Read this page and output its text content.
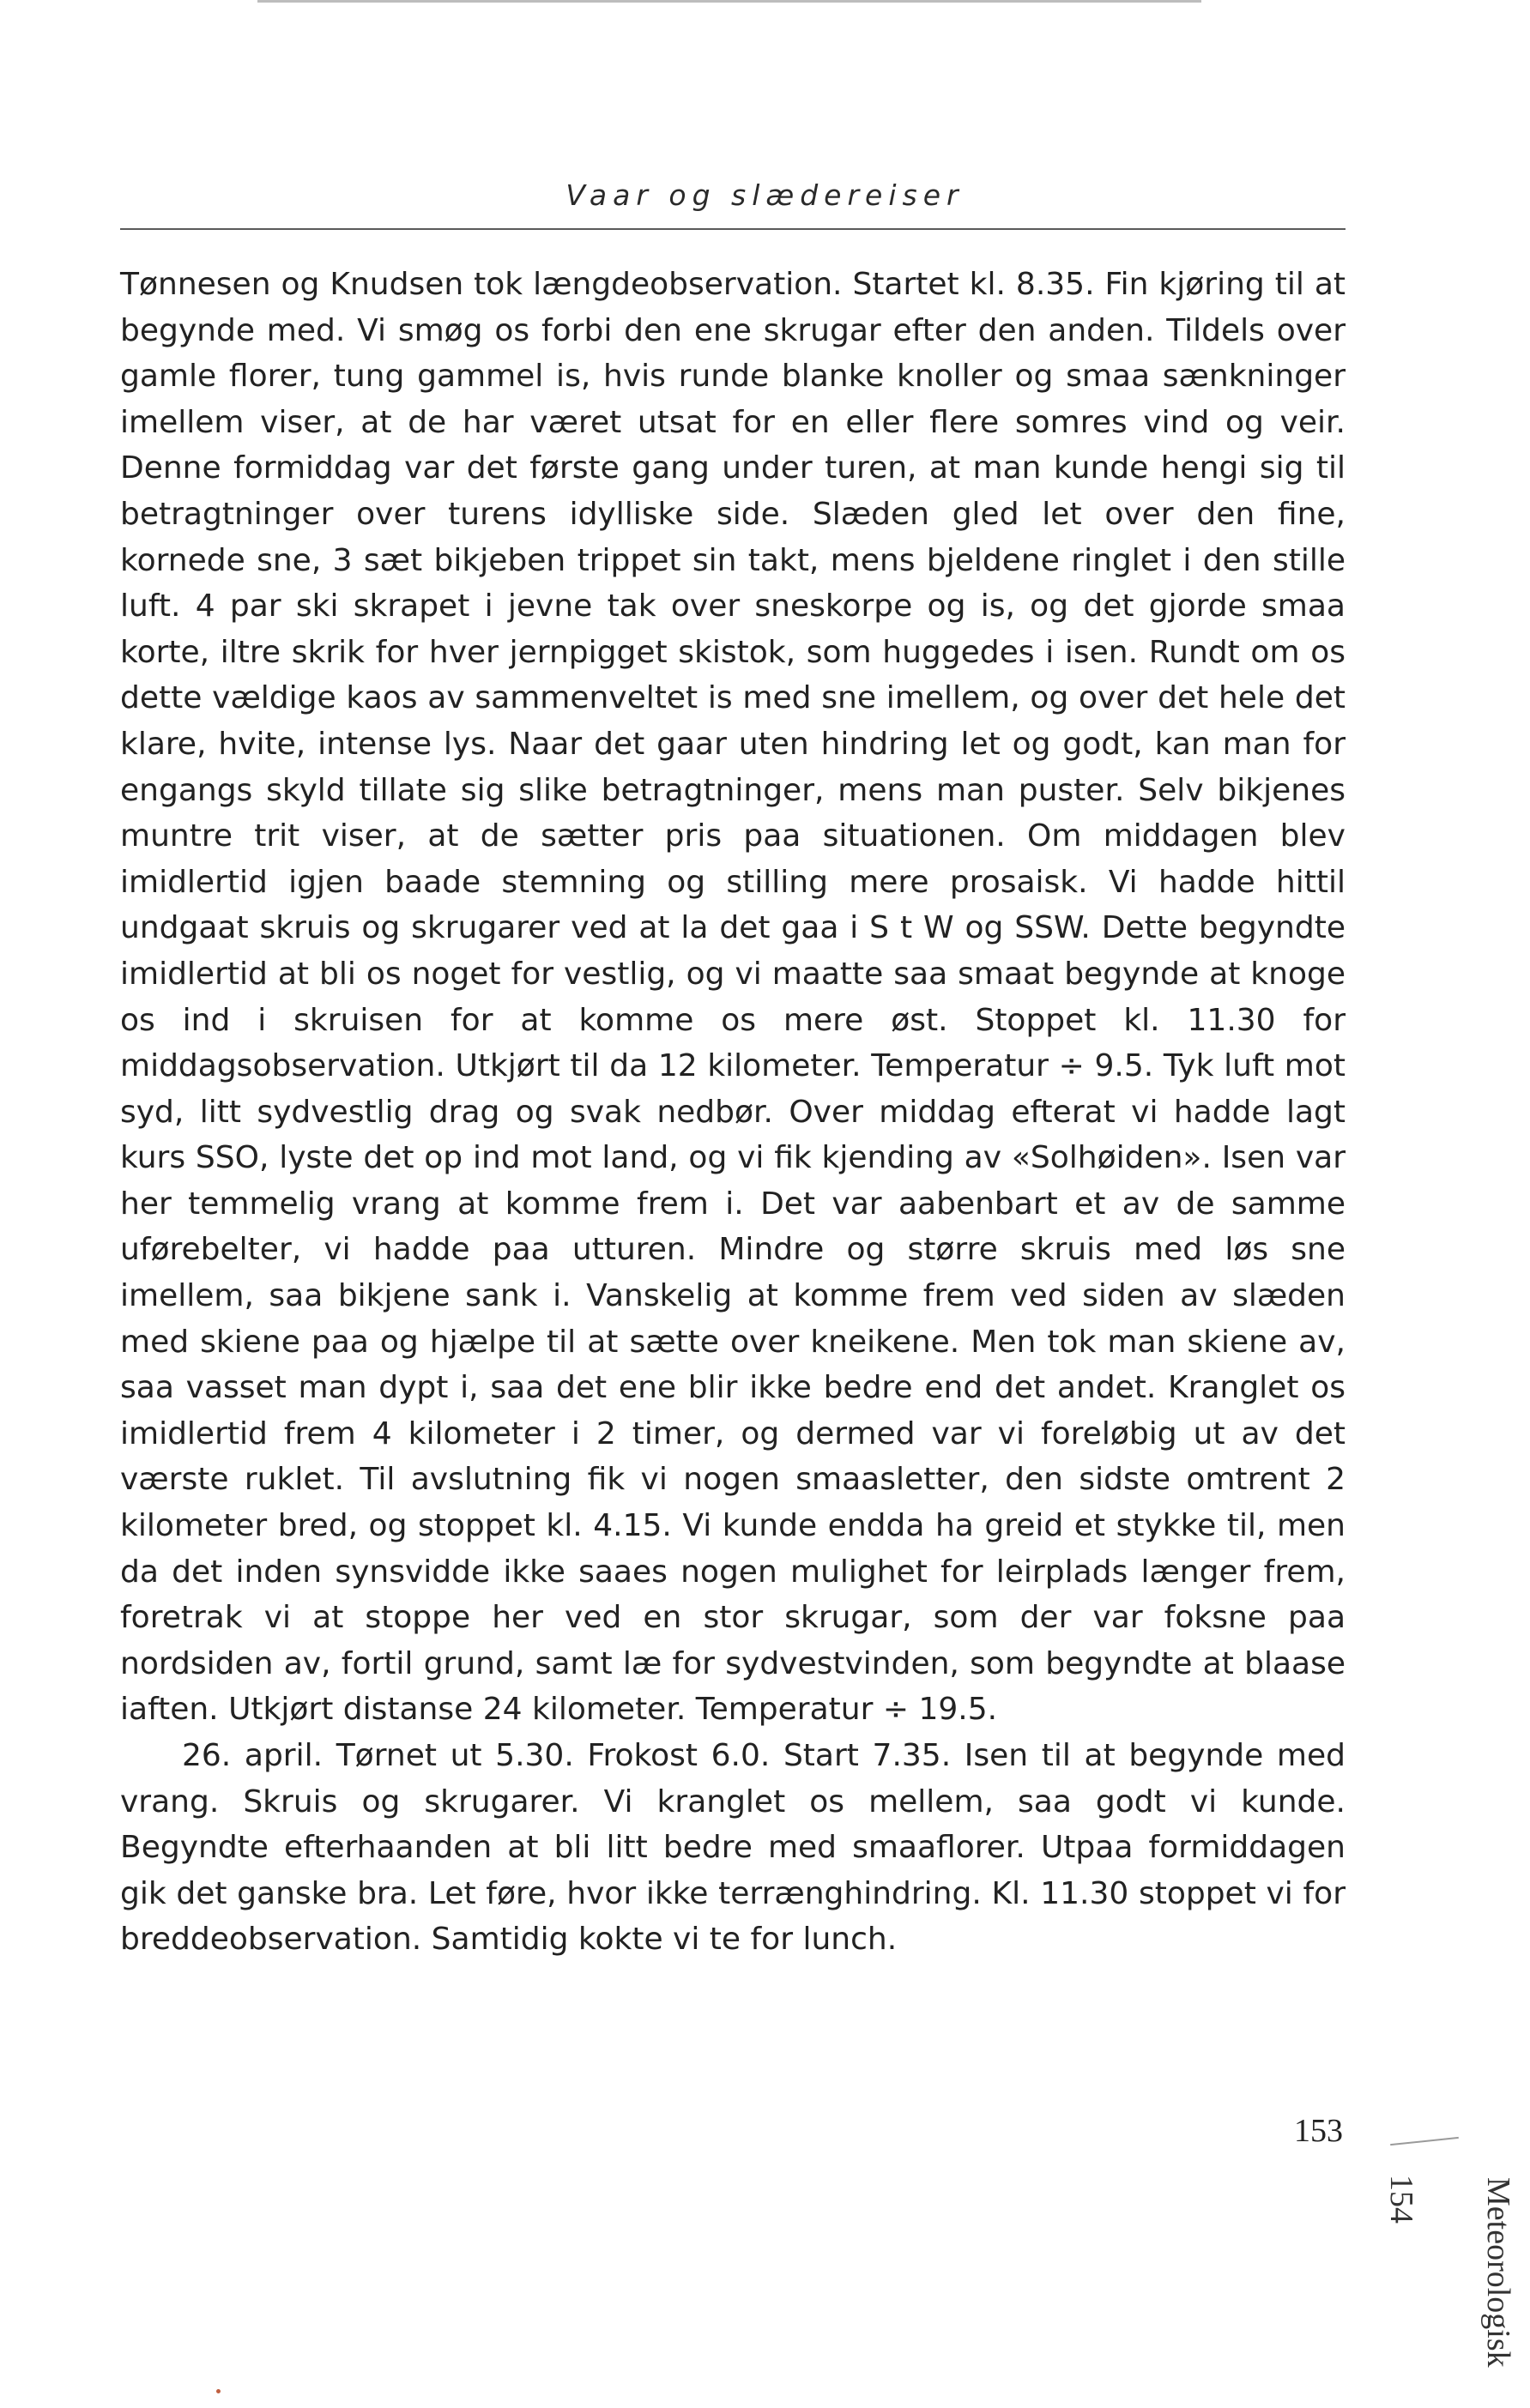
Vaar og slædereiser

Tønnesen og Knudsen tok længdeobservation. Startet kl. 8.35. Fin kjøring til at begynde med. Vi smøg os forbi den ene skrugar efter den anden. Tildels over gamle florer, tung gammel is, hvis runde blanke knoller og smaa sænkninger imellem viser, at de har været utsat for en eller flere somres vind og veir. Denne formiddag var det første gang under turen, at man kunde hengi sig til betragtninger over turens idylliske side. Slæden gled let over den fine, kornede sne, 3 sæt bikjeben trippet sin takt, mens bjeldene ringlet i den stille luft. 4 par ski skrapet i jevne tak over sneskorpe og is, og det gjorde smaa korte, iltre skrik for hver jernpigget skistok, som huggedes i isen. Rundt om os dette vældige kaos av sammenveltet is med sne imellem, og over det hele det klare, hvite, intense lys. Naar det gaar uten hindring let og godt, kan man for engangs skyld tillate sig slike betragtninger, mens man puster. Selv bikjenes muntre trit viser, at de sætter pris paa situationen. Om middagen blev imidlertid igjen baade stemning og stilling mere prosaisk. Vi hadde hittil undgaat skruis og skrugarer ved at la det gaa i S t W og SSW. Dette begyndte imidlertid at bli os noget for vestlig, og vi maatte saa smaat begynde at knoge os ind i skruisen for at komme os mere øst. Stoppet kl. 11.30 for middagsobservation. Utkjørt til da 12 kilometer. Temperatur ÷ 9.5. Tyk luft mot syd, litt sydvestlig drag og svak nedbør. Over middag efterat vi hadde lagt kurs SSO, lyste det op ind mot land, og vi fik kjending av «Solhøiden». Isen var her temmelig vrang at komme frem i. Det var aabenbart et av de samme uførebelter, vi hadde paa utturen. Mindre og større skruis med løs sne imellem, saa bikjene sank i. Vanskelig at komme frem ved siden av slæden med skiene paa og hjælpe til at sætte over kneikene. Men tok man skiene av, saa vasset man dypt i, saa det ene blir ikke bedre end det andet. Kranglet os imidlertid frem 4 kilometer i 2 timer, og dermed var vi foreløbig ut av det værste ruklet. Til avslutning fik vi nogen smaasletter, den sidste omtrent 2 kilometer bred, og stoppet kl. 4.15. Vi kunde endda ha greid et stykke til, men da det inden synsvidde ikke saaes nogen mulighet for leirplads længer frem, foretrak vi at stoppe her ved en stor skrugar, som der var foksne paa nordsiden av, fortil grund, samt læ for sydvestvinden, som begyndte at blaase iaften. Utkjørt distanse 24 kilometer. Temperatur ÷ 19.5.

26. april. Tørnet ut 5.30. Frokost 6.0. Start 7.35. Isen til at begynde med vrang. Skruis og skrugarer. Vi kranglet os mellem, saa godt vi kunde. Begyndte efterhaanden at bli litt bedre med smaaflorer. Utpaa formiddagen gik det ganske bra. Let føre, hvor ikke terrænghindring. Kl. 11.30 stoppet vi for breddeobservation. Samtidig kokte vi te for lunch.

153
154 Meteorologisk
